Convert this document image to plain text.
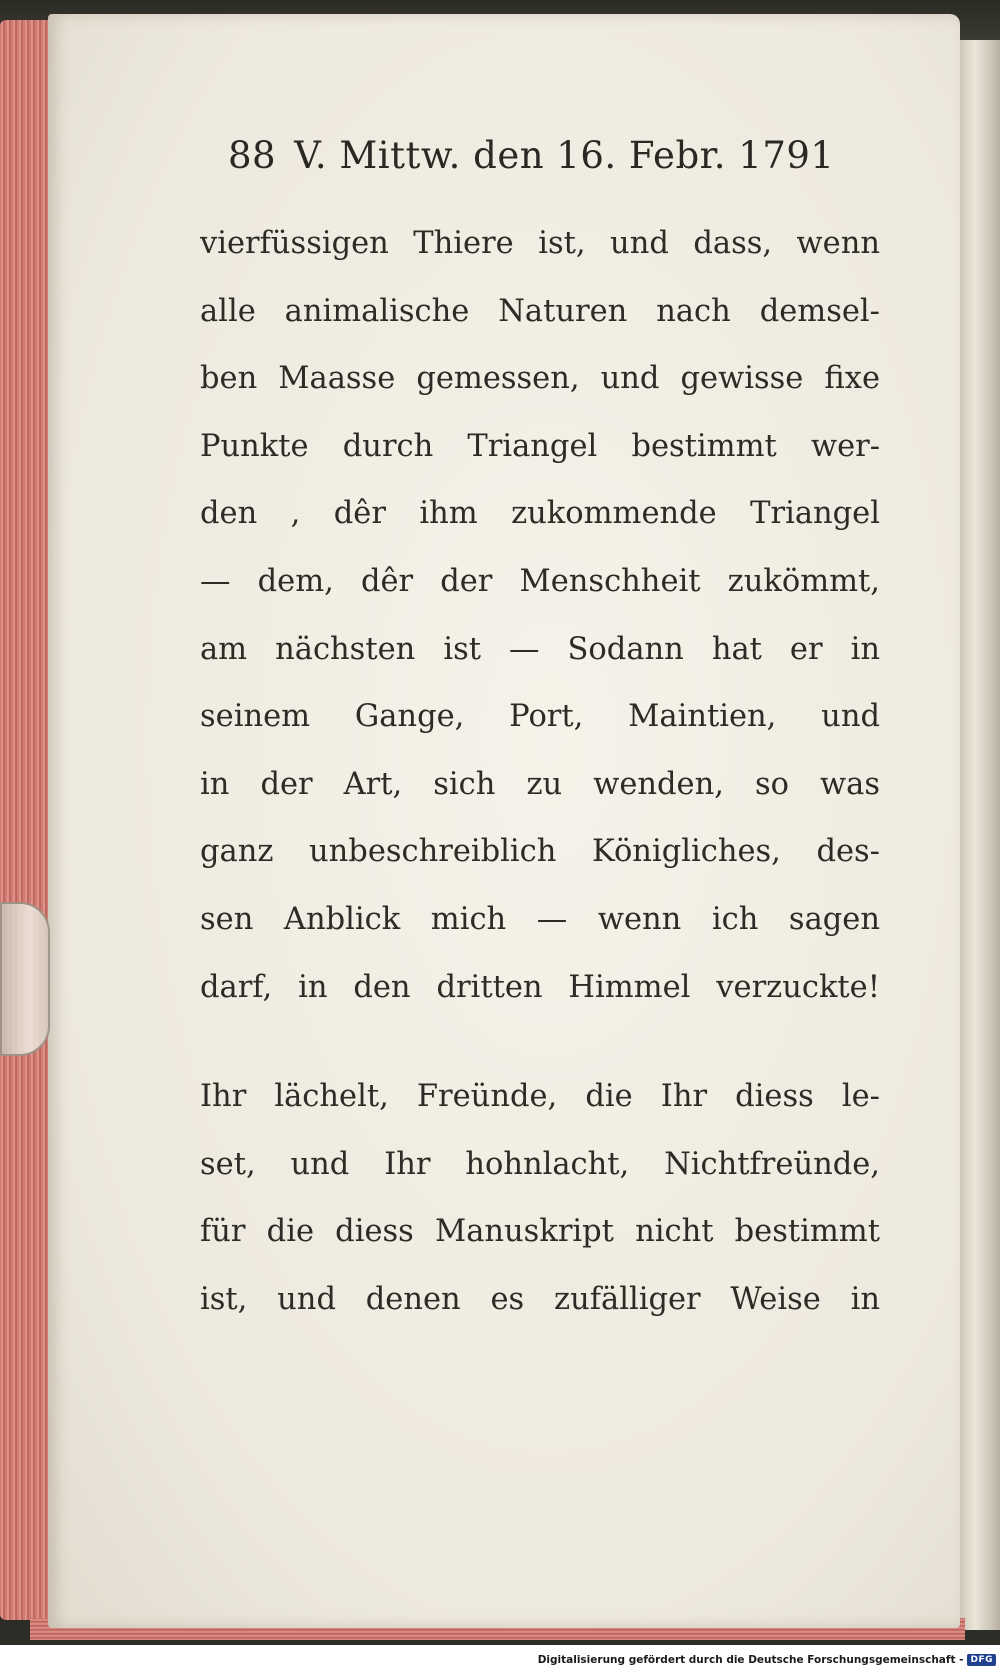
88 V. Mittw. den 16. Febr. 1791
vierfüssigen Thiere ist, und dass, wenn
alle animalische Naturen nach demsel-
ben Maasse gemessen, und gewisse fixe
Punkte durch Triangel bestimmt wer-
den , dêr ihm zukommende Triangel
— dem, dêr der Menschheit zukömmt,
am nächsten ist — Sodann hat er in
seinem Gange, Port, Maintien, und
in der Art, sich zu wenden, so was
ganz unbeschreiblich Königliches, des-
sen Anblick mich — wenn ich sagen
darf, in den dritten Himmel verzuckte!
Ihr lächelt, Freünde, die Ihr diess le-
set, und Ihr hohnlacht, Nichtfreünde,
für die diess Manuskript nicht bestimmt
ist, und denen es zufälliger Weise in
Digitalisierung gefördert durch die Deutsche Forschungsgemeinschaft - DFG
